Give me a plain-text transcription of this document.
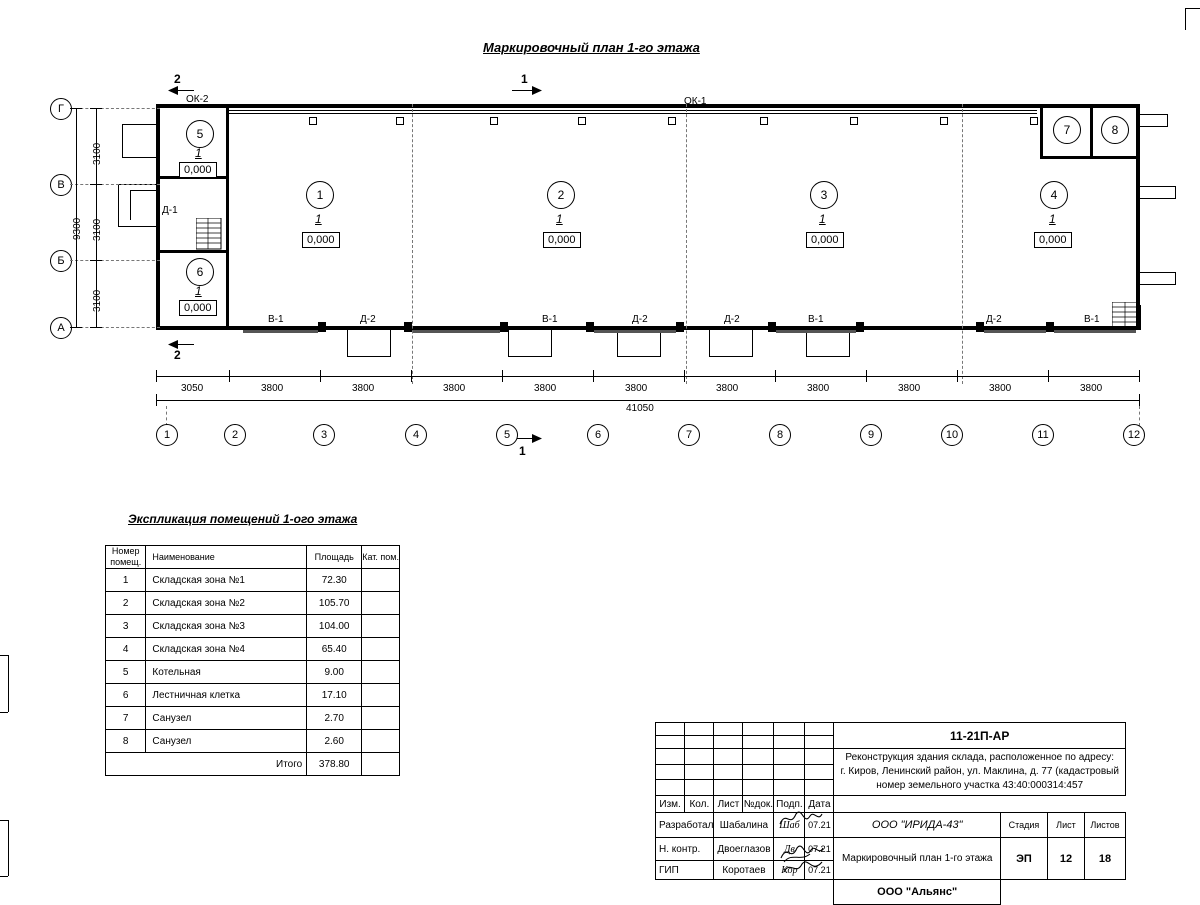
Маркировочный план 1-го этажа
2	1
2
1
ОК-1
ОК-2
В-1	Д-2	В-1	Д-2	Д-2	В-1	Д-2	В-1
Д-1
1
1
0,000
2
1
0,000
3
1
0,000
4
1
0,000
5
1
0,000
6
1
0,000
7	8
Г
В
Б
А
3100
3100
3100
9300
3050	3800	3800	3800	3800	3800	3800	3800	3800	3800	3800
41050
1	2	3	4	5	6	7	8	9	10	11	12
Экспликация помещений 1-ого этажа
Номер помещ.	Наименование	Площадь	Кат. пом.
1	Складская зона №1	72.30	
2	Складская зона №2	105.70	
3	Складская зона №3	104.00	
4	Складская зона №4	65.40	
5	Котельная	9.00	
6	Лестничная клетка	17.10	
7	Санузел	2.70	
8	Санузел	2.60	
Итого		378.80	
						11-21П-АР			

						Реконструкция здания склада, расположенное по адресу:
г. Киров, Ленинский район, ул. Маклина, д. 77 (кадастровый
номер земельного участка 43:40:000314:457			

Изм.	Кол.	Лист	№док.	Подп.	Дата				
Разработал		Шабалина		Шаб	07.21	ООО "ИРИДА-43"	Стадия	Лист	Листов
Н. контр.		Двоеглазов		Дв	07.21	Маркировочный план 1-го этажа	ЭП	12	18
ГИП		Коротаев		Кор	07.21				
						ООО "Альянс"			
